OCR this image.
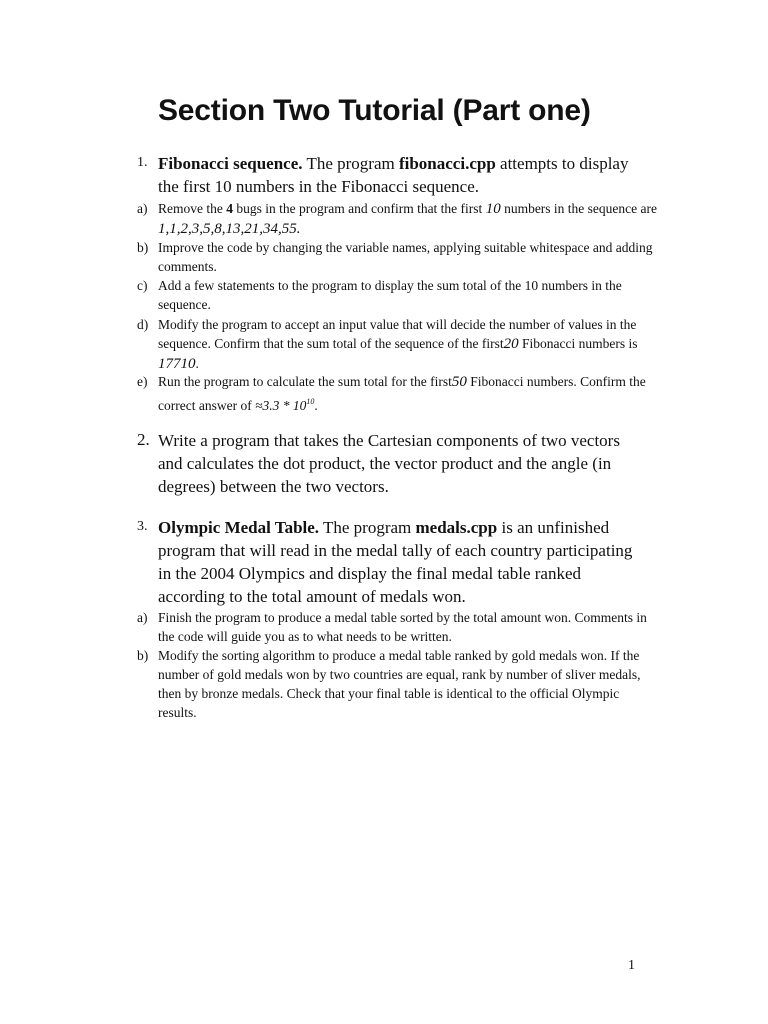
Section Two Tutorial (Part one)
1. Fibonacci sequence. The program fibonacci.cpp attempts to display the first 10 numbers in the Fibonacci sequence.
a) Remove the 4 bugs in the program and confirm that the first 10 numbers in the sequence are 1,1,2,3,5,8,13,21,34,55.
b) Improve the code by changing the variable names, applying suitable whitespace and adding comments.
c) Add a few statements to the program to display the sum total of the 10 numbers in the sequence.
d) Modify the program to accept an input value that will decide the number of values in the sequence. Confirm that the sum total of the sequence of the first20 Fibonacci numbers is 17710.
e) Run the program to calculate the sum total for the first50 Fibonacci numbers. Confirm the correct answer of $\approx 3.3 * 10^{10}$.
2. Write a program that takes the Cartesian components of two vectors and calculates the dot product, the vector product and the angle (in degrees) between the two vectors.
3. Olympic Medal Table. The program medals.cpp is an unfinished program that will read in the medal tally of each country participating in the 2004 Olympics and display the final medal table ranked according to the total amount of medals won.
a) Finish the program to produce a medal table sorted by the total amount won. Comments in the code will guide you as to what needs to be written.
b) Modify the sorting algorithm to produce a medal table ranked by gold medals won. If the number of gold medals won by two countries are equal, rank by number of sliver medals, then by bronze medals. Check that your final table is identical to the official Olympic results.
1
